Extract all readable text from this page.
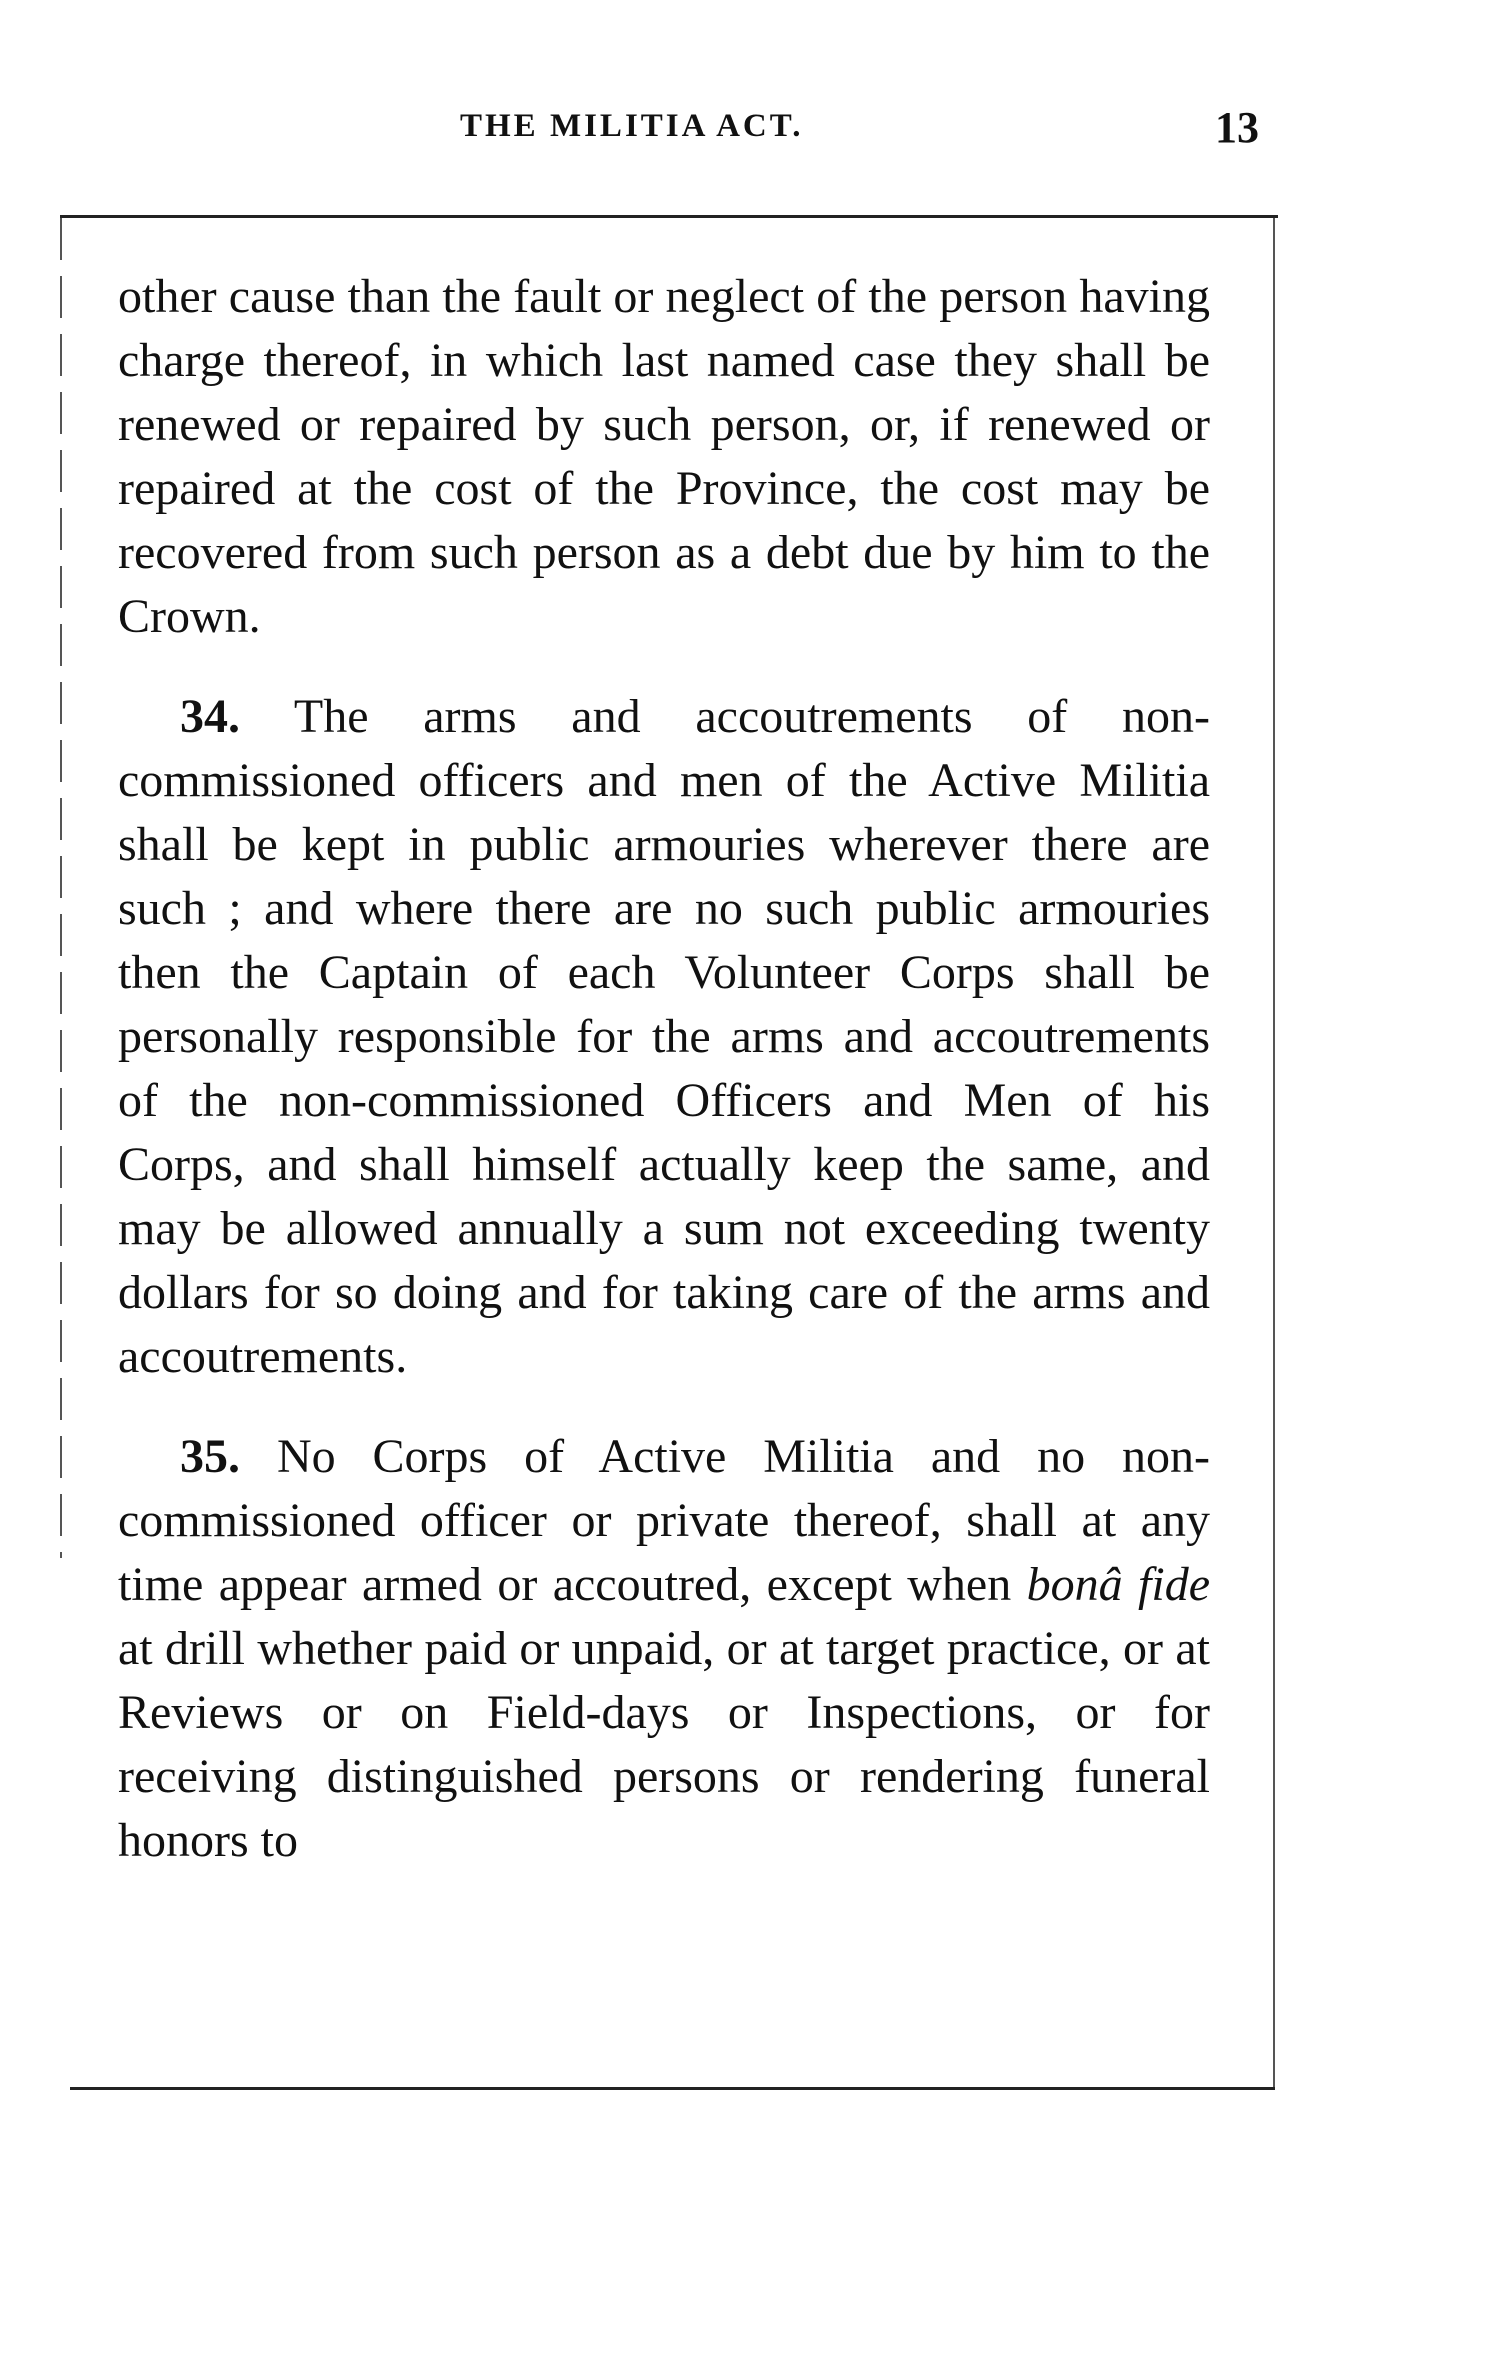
THE MILITIA ACT.	13

other cause than the fault or neglect of the person having charge thereof, in which last named case they shall be renewed or repaired by such person, or, if renewed or repaired at the cost of the Province, the cost may be recovered from such person as a debt due by him to the Crown.

34. The arms and accoutrements of non-commissioned officers and men of the Active Militia shall be kept in public armouries wherever there are such ; and where there are no such public armouries then the Captain of each Volunteer Corps shall be personally responsible for the arms and accoutrements of the non-commissioned Officers and Men of his Corps, and shall himself actually keep the same, and may be allowed annually a sum not exceeding twenty dollars for so doing and for taking care of the arms and accoutrements.

35. No Corps of Active Militia and no non-commissioned officer or private thereof, shall at any time appear armed or accoutred, except when bonâ fide at drill whether paid or unpaid, or at target practice, or at Reviews or on Field-days or Inspections, or for receiving distinguished persons or rendering funeral honors to
